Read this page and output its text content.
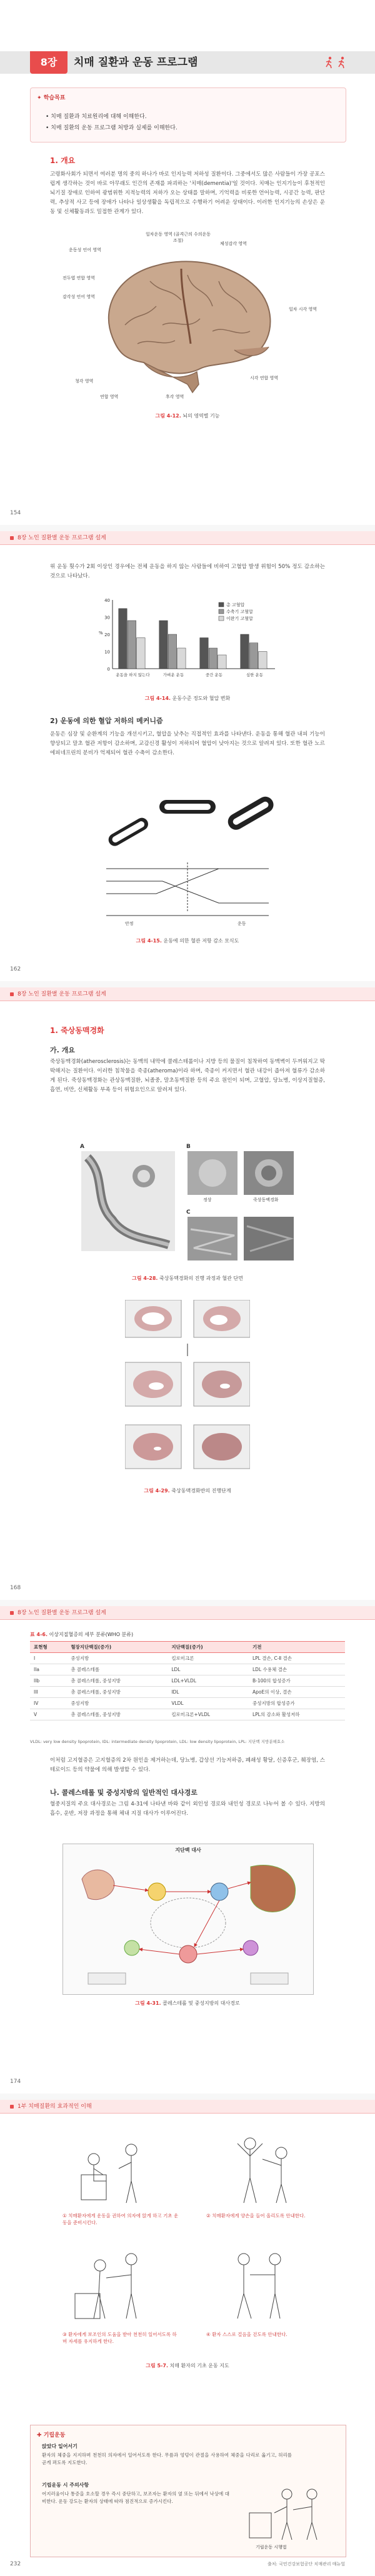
8장	치매 질환과 운동 프로그램
✦ 학습목표
• 치매 질환과 치료원리에 대해 이해한다.
• 치매 질환의 운동 프로그램 처방과 실제를 이해한다.
1. 개요
고령화사회가 되면서 여러분 명의 중의 하나가 바로 인지능력 저하성 질환이다. 그중에서도 많은 사람들이 가장 공포스럽게 생각하는 것이 바로 아무래도 인간의 존재를 파괴하는 '치매(dementia)'일 것이다. 치매는 인지기능이 후천적인 뇌기질 장애로 인하여 광범위한 지적능력의 저하가 오는 상태를 말하며, 기억력을 비롯한 언어능력, 시공간 능력, 판단력, 추상적 사고 등에 장애가 나타나 일상생활을 독립적으로 수행하기 어려운 상태이다. 이러한 인지기능의 손상은 운동 및 신체활동과도 밀접한 관계가 있다.
일차운동 영역 (골격근의 수의운동 조절)
운동성 언어 영역
체성감각 영역
일차 시각 영역
감각성 언어 영역
청각 영역
후각 영역
연합 영역
시각 연합 영역
전두엽 연합 영역
그림 4-12. 뇌의 영역별 기능
154
8장 노인 질환별 운동 프로그램 설계
위 운동 횟수가 2회 이상인 경우에는 전체 운동을 하지 않는 사람들에 비하여 고혈압 발생 위험이 50% 정도 감소하는 것으로 나타났다.
0
10
20
30
40
%
운동을 하지 않는다	가벼운 운동	중간 운동	심한 운동
총 고혈압
수축기 고혈압
이완기 고혈압
그림 4-14. 운동수준 정도와 혈압 변화
2) 운동에 의한 혈압 저하의 메커니즘
운동은 심장 및 순환계의 기능을 개선시키고, 혈압을 낮추는 직접적인 효과를 나타낸다. 운동을 통해 혈관 내피 기능이 향상되고 말초 혈관 저항이 감소하며, 교감신경 활성이 저하되어 혈압이 낮아지는 것으로 알려져 있다. 또한 혈관 노르에피네프린의 분비가 억제되어 혈관 수축이 감소한다.
안정	운동
그림 4-15. 운동에 의한 혈관 저항 감소 모식도
162
8장 노인 질환별 운동 프로그램 설계
1. 죽상동맥경화
가. 개요
죽상동맥경화(atherosclerosis)는 동맥의 내막에 콜레스테롤이나 지방 등의 물질이 침착하여 동맥벽이 두꺼워지고 딱딱해지는 질환이다. 이러한 침착물을 죽종(atheroma)이라 하며, 죽종이 커지면서 혈관 내강이 좁아져 혈류가 감소하게 된다. 죽상동맥경화는 관상동맥질환, 뇌졸중, 말초동맥질환 등의 주요 원인이 되며, 고혈압, 당뇨병, 이상지질혈증, 흡연, 비만, 신체활동 부족 등이 위험요인으로 알려져 있다.
A	B
정상	죽상동맥경화
C
그림 4-28. 죽상동맥경화의 진행 과정과 혈관 단면
그림 4-29. 죽상동맥경화반의 진행단계
168
8장 노인 질환별 운동 프로그램 설계
표 4-6. 이상지질혈증의 세부 분류(WHO 분류)
표현형	혈장지단백질(증가)	지단백질(증가)	기전
I	중성지방	킬로미크론	LPL 결손, C-Ⅱ 결손
IIa	총 콜레스테롤	LDL	LDL 수용체 결손
IIb	총 콜레스테롤, 중성지방	LDL+VLDL	B-100의 합성증가
III	총 콜레스테롤, 중성지방	IDL	ApoE의 이상, 결손
IV	중성지방	VLDL	중성지방의 합성증가
V	총 콜레스테롤, 중성지방	킬로미크론+VLDL	LPL의 감소와 활성저하
VLDL: very low density lipoprotein, IDL: intermediate density lipoprotein, LDL: low density lipoprotein, LPL: 지단백 지방분해효소
이처럼 고지혈증은 고지혈증의 2차 원인을 제거하는데, 당뇨병, 갑상선 기능저하증, 폐쇄성 황달, 신증후군, 췌장염, 스테로이드 등의 약물에 의해 발생할 수 있다.
나. 콜레스테롤 및 중성지방의 일반적인 대사경로
혈중지질의 주요 대사경로는 그림 4-31에 나타낸 바와 같이 외인성 경로와 내인성 경로로 나누어 볼 수 있다. 지방의 흡수, 운반, 저장 과정을 통해 체내 지질 대사가 이루어진다.
지단백 대사
그림 4-31. 콜레스테롤 및 중성지방의 대사경로
174
1부 치매질환의 효과적인 이해
① 치매환자에게 운동을 권하여 의자에 앉게 하고 기초 운동을 준비시킨다.
② 치매환자에게 양손을 들어 올리도록 안내한다.
③ 환자에게 보조인의 도움을 받아 천천히 일어서도록 하며 자세를 유지하게 한다.
④ 환자 스스로 걸음을 걷도록 안내한다.
그림 5-7. 치매 환자의 기초 운동 지도
✚ 기립운동
앉았다 일어서기
환자의 체중을 지지하며 천천히 의자에서 일어서도록 한다. 무릎과 엉덩이 관절을 사용하여 체중을 다리로 옮기고, 허리를 곧게 펴도록 지도한다.
기립운동 시 주의사항
어지러움이나 통증을 호소할 경우 즉시 중단하고, 보조자는 환자의 옆 또는 뒤에서 낙상에 대비한다. 운동 강도는 환자의 상태에 따라 점진적으로 증가시킨다.
기립운동 시행법
출처: 국민건강보험공단 치매관리 매뉴얼
232
